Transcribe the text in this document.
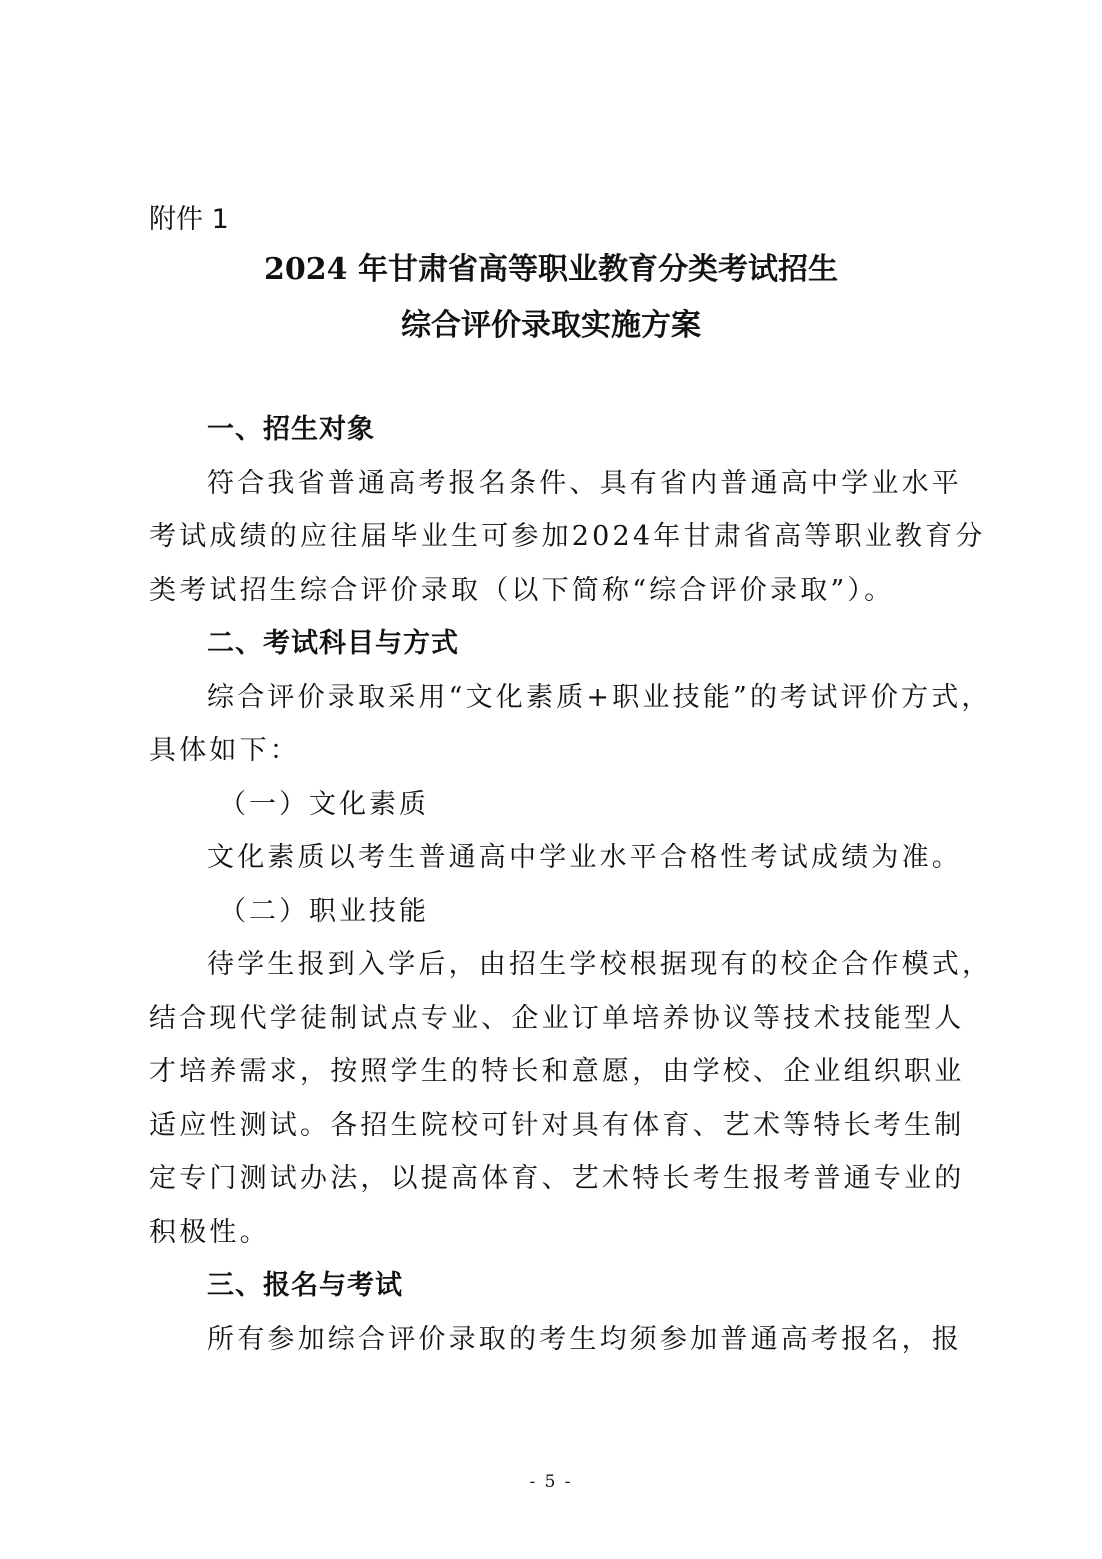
附件 1
2024 年甘肃省高等职业教育分类考试招生
综合评价录取实施方案
一、招生对象
符合我省普通高考报名条件、具有省内普通高中学业水平
考试成绩的应往届毕业生可参加2024年甘肃省高等职业教育分
类考试招生综合评价录取（以下简称“综合评价录取”）。
二、考试科目与方式
综合评价录取采用“文化素质+职业技能”的考试评价方式，
具体如下：
（一）文化素质
文化素质以考生普通高中学业水平合格性考试成绩为准。
（二）职业技能
待学生报到入学后，由招生学校根据现有的校企合作模式，
结合现代学徒制试点专业、企业订单培养协议等技术技能型人
才培养需求，按照学生的特长和意愿，由学校、企业组织职业
适应性测试。各招生院校可针对具有体育、艺术等特长考生制
定专门测试办法，以提高体育、艺术特长考生报考普通专业的
积极性。
三、报名与考试
所有参加综合评价录取的考生均须参加普通高考报名，报
- 5 -
